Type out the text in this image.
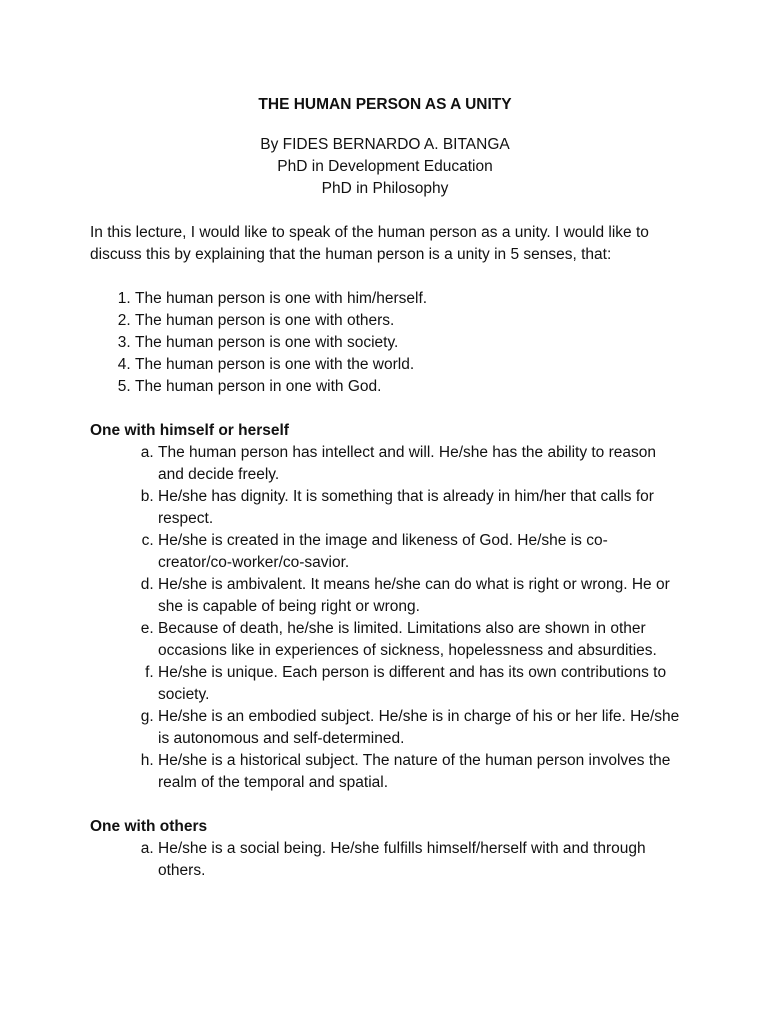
THE HUMAN PERSON AS A UNITY
By FIDES BERNARDO A. BITANGA
PhD in Development Education
PhD in Philosophy

In this lecture, I would like to speak of the human person as a unity. I would like to discuss this by explaining that the human person is a unity in 5 senses, that:

1. The human person is one with him/herself.
2. The human person is one with others.
3. The human person is one with society.
4. The human person is one with the world.
5. The human person in one with God.
One with himself or herself
a. The human person has intellect and will. He/she has the ability to reason and decide freely.
b. He/she has dignity. It is something that is already in him/her that calls for respect.
c. He/she is created in the image and likeness of God. He/she is co-creator/co-worker/co-savior.
d. He/she is ambivalent. It means he/she can do what is right or wrong. He or she is capable of being right or wrong.
e. Because of death, he/she is limited. Limitations also are shown in other occasions like in experiences of sickness, hopelessness and absurdities.
f. He/she is unique. Each person is different and has its own contributions to society.
g. He/she is an embodied subject. He/she is in charge of his or her life. He/she is autonomous and self-determined.
h. He/she is a historical subject. The nature of the human person involves the realm of the temporal and spatial.
One with others
a. He/she is a social being. He/she fulfills himself/herself with and through others.
